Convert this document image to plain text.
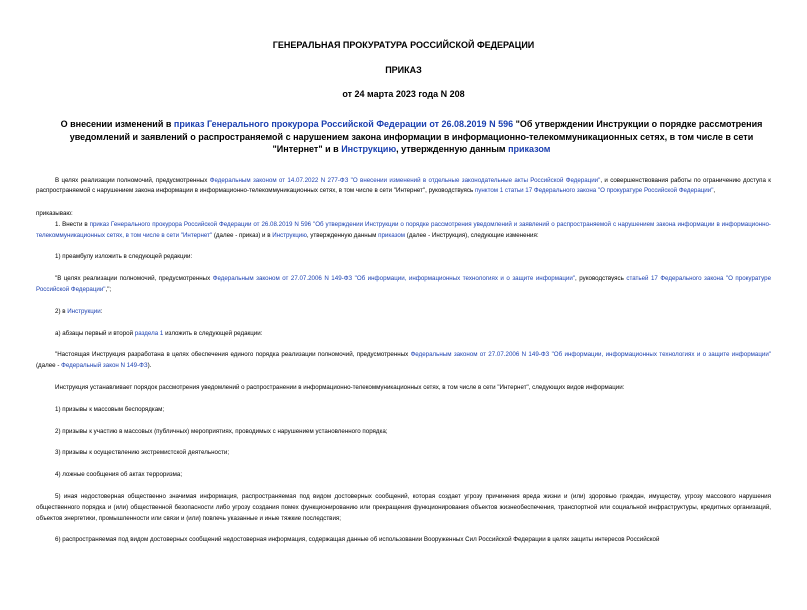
ГЕНЕРАЛЬНАЯ ПРОКУРАТУРА РОССИЙСКОЙ ФЕДЕРАЦИИ
ПРИКАЗ
от 24 марта 2023 года N 208
О внесении изменений в приказ Генерального прокурора Российской Федерации от 26.08.2019 N 596 "Об утверждении Инструкции о порядке рассмотрения уведомлений и заявлений о распространяемой с нарушением закона информации в информационно-телекоммуникационных сетях, в том числе в сети "Интернет" и в Инструкцию, утвержденную данным приказом

В целях реализации полномочий, предусмотренных Федеральным законом от 14.07.2022 N 277-ФЗ "О внесении изменений в отдельные законодательные акты Российской Федерации", и совершенствования работы по ограничению доступа к распространяемой с нарушением закона информации в информационно-телекоммуникационных сетях, в том числе в сети "Интернет", руководствуясь пунктом 1 статьи 17 Федерального закона "О прокуратуре Российской Федерации",

приказываю:

1. Внести в приказ Генерального прокурора Российской Федерации от 26.08.2019 N 596 "Об утверждении Инструкции о порядке рассмотрения уведомлений и заявлений о распространяемой с нарушением закона информации в информационно-телекоммуникационных сетях, в том числе в сети "Интернет" (далее - приказ) и в Инструкцию, утвержденную данным приказом (далее - Инструкция), следующие изменения:

1) преамбулу изложить в следующей редакции:

"В целях реализации полномочий, предусмотренных Федеральным законом от 27.07.2006 N 149-ФЗ "Об информации, информационных технологиях и о защите информации", руководствуясь статьей 17 Федерального закона "О прокуратуре Российской Федерации",";

2) в Инструкции:

а) абзацы первый и второй раздела 1 изложить в следующей редакции:

"Настоящая Инструкция разработана в целях обеспечения единого порядка реализации полномочий, предусмотренных Федеральным законом от 27.07.2006 N 149-ФЗ "Об информации, информационных технологиях и о защите информации" (далее - Федеральный закон N 149-ФЗ).

Инструкция устанавливает порядок рассмотрения уведомлений о распространении в информационно-телекоммуникационных сетях, в том числе в сети "Интернет", следующих видов информации:

1) призывы к массовым беспорядкам;

2) призывы к участию в массовых (публичных) мероприятиях, проводимых с нарушением установленного порядка;

3) призывы к осуществлению экстремистской деятельности;

4) ложные сообщения об актах терроризма;

5) иная недостоверная общественно значимая информация, распространяемая под видом достоверных сообщений, которая создает угрозу причинения вреда жизни и (или) здоровью граждан, имуществу, угрозу массового нарушения общественного порядка и (или) общественной безопасности либо угрозу создания помех функционированию или прекращения функционирования объектов жизнеобеспечения, транспортной или социальной инфраструктуры, кредитных организаций, объектов энергетики, промышленности или связи и (или) повлечь указанные и иные тяжкие последствия;

6) распространяемая под видом достоверных сообщений недостоверная информация, содержащая данные об использовании Вооруженных Сил Российской Федерации в целях защиты интересов Российской
